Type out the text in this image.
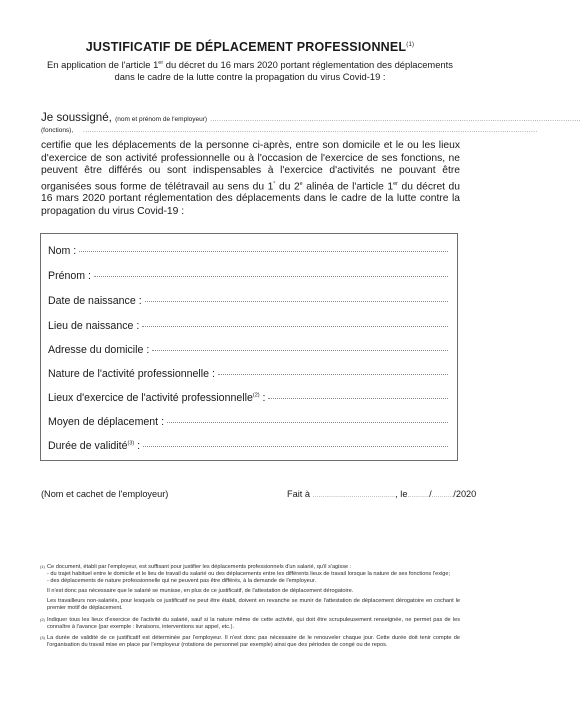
JUSTIFICATIF DE DÉPLACEMENT PROFESSIONNEL$^{(1)}$
En application de l'article 1er du décret du 16 mars 2020 portant réglementation des déplacements dans le cadre de la lutte contre la propagation du virus Covid-19 :
Je soussigné, (nom et prénom de l'employeur) ........................................................................................................................................................................
(fonctions), ..............................................................................................................................................................................................................
certifie que les déplacements de la personne ci-après, entre son domicile et le ou les lieux d'exercice de son activité professionnelle ou à l'occasion de l'exercice de ses fonctions, ne peuvent être différés ou sont indispensables à l'exercice d'activités ne pouvant être organisées sous forme de télétravail au sens du 1° du 2e alinéa de l'article 1er du décret du 16 mars 2020 portant réglementation des déplacements dans le cadre de la lutte contre la propagation du virus Covid-19 :
Nom :
Prénom :
Date de naissance :
Lieu de naissance :
Adresse du domicile :
Nature de l'activité professionnelle :
Lieux d'exercice de l'activité professionnelle$^{(2)}$ :
Moyen de déplacement :
Durée de validité$^{(3)}$ :
(Nom et cachet de l'employeur)	Fait à .........................................., le.........../.........../2020
(1) Ce document, établi par l'employeur, est suffisant pour justifier les déplacements professionnels d'un salarié, qu'il s'agisse :

- du trajet habituel entre le domicile et le lieu de travail du salarié ou des déplacements entre les différents lieux de travail lorsque la nature de ses fonctions l'exige;

- des déplacements de nature professionnelle qui ne peuvent pas être différés, à la demande de l'employeur.

Il n'est donc pas nécessaire que le salarié se munisse, en plus de ce justificatif, de l'attestation de déplacement dérogatoire.

Les travailleurs non-salariés, pour lesquels ce justificatif ne peut être établi, doivent en revanche se munir de l'attestation de déplacement dérogatoire en cochant le premier motif de déplacement.

(2) Indiquer tous les lieux d'exercice de l'activité du salarié, sauf si la nature même de cette activité, qui doit être scrupuleusement renseignée, ne permet pas de les connaître à l'avance (par exemple : livraisons, interventions sur appel, etc.).

(3) La durée de validité de ce justificatif est déterminée par l'employeur. Il n'est donc pas nécessaire de le renouveler chaque jour. Cette durée doit tenir compte de l'organisation du travail mise en place par l'employeur (rotations de personnel par exemple) ainsi que des périodes de congé ou de repos.
